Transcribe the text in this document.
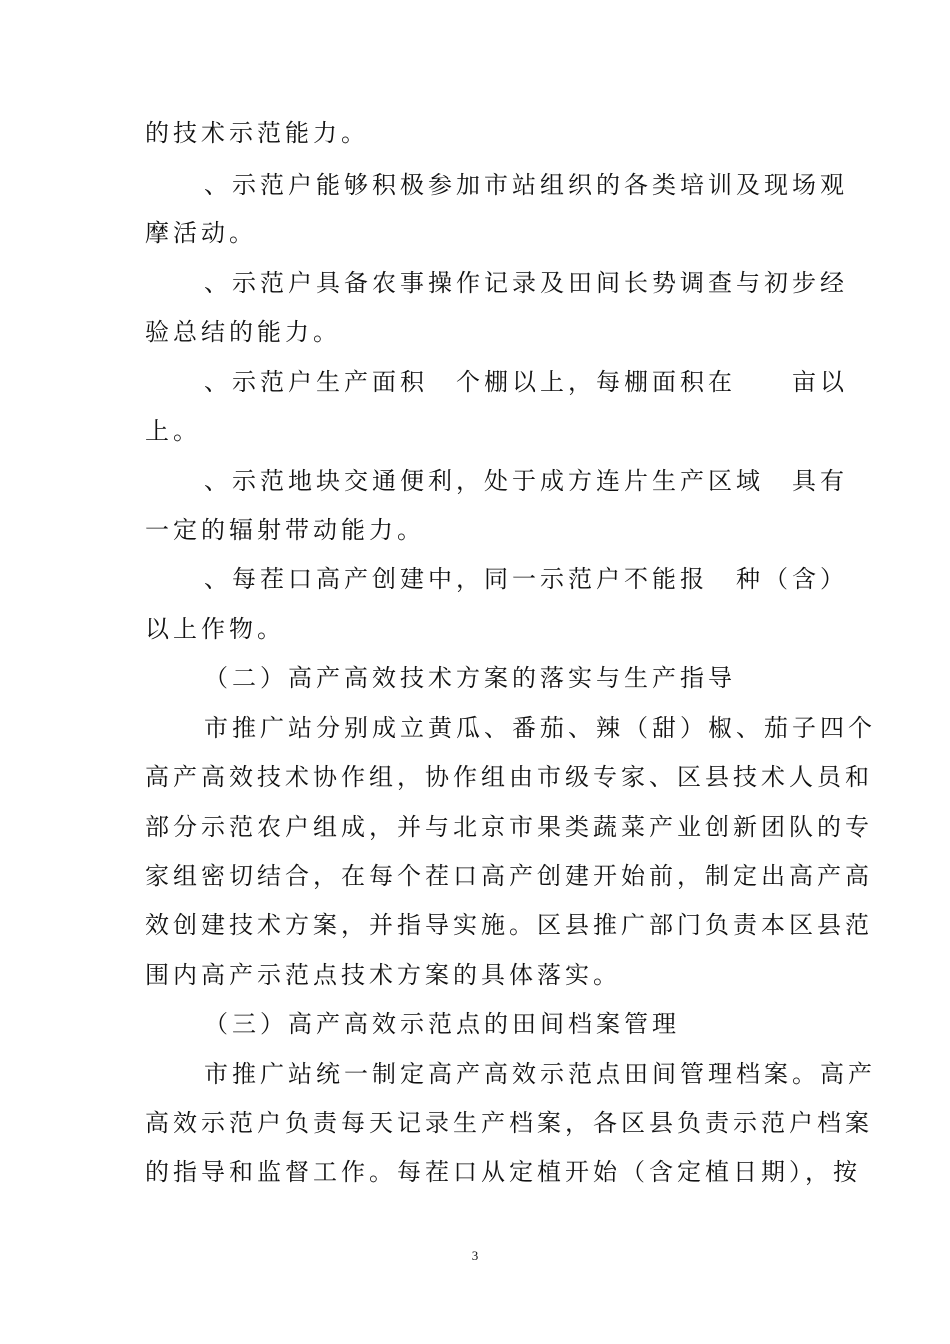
的技术示范能力。
、示范户能够积极参加市站组织的各类培训及现场观
摩活动。
、示范户具备农事操作记录及田间长势调查与初步经
验总结的能力。
、示范户生产面积　个棚以上，每棚面积在　　亩以
上。
、示范地块交通便利，处于成方连片生产区域　具有
一定的辐射带动能力。
、每茬口高产创建中，同一示范户不能报　种（含）
以上作物。
（二）高产高效技术方案的落实与生产指导
市推广站分别成立黄瓜、番茄、辣（甜）椒、茄子四个
高产高效技术协作组，协作组由市级专家、区县技术人员和
部分示范农户组成，并与北京市果类蔬菜产业创新团队的专
家组密切结合，在每个茬口高产创建开始前，制定出高产高
效创建技术方案，并指导实施。区县推广部门负责本区县范
围内高产示范点技术方案的具体落实。
（三）高产高效示范点的田间档案管理
市推广站统一制定高产高效示范点田间管理档案。高产
高效示范户负责每天记录生产档案，各区县负责示范户档案
的指导和监督工作。每茬口从定植开始（含定植日期），按
3
